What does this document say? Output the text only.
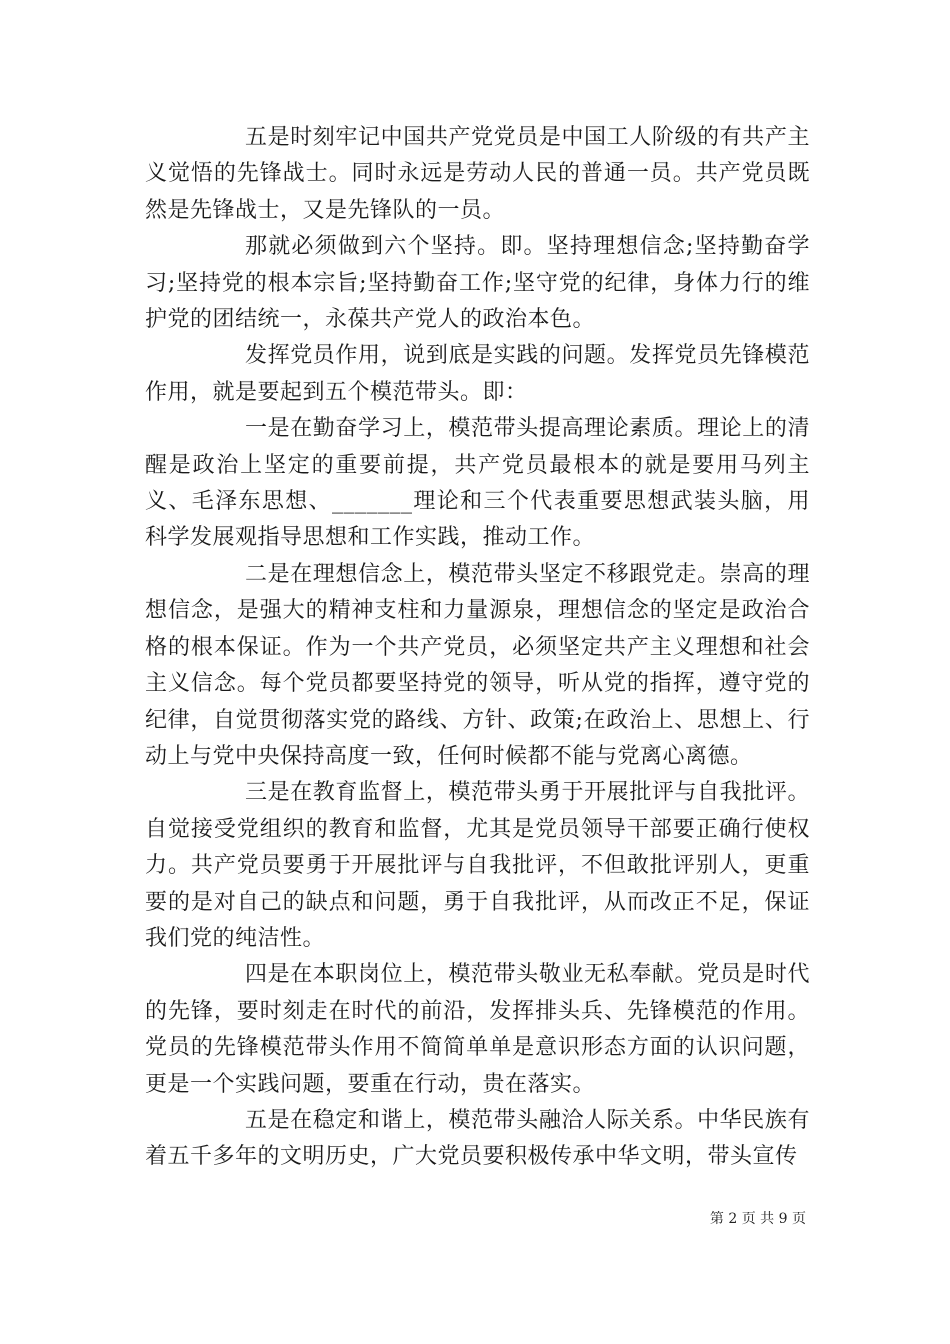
五是时刻牢记中国共产党党员是中国工人阶级的有共产主义觉悟的先锋战士。同时永远是劳动人民的普通一员。共产党员既然是先锋战士，又是先锋队的一员。

那就必须做到六个坚持。即。坚持理想信念;坚持勤奋学习;坚持党的根本宗旨;坚持勤奋工作;坚守党的纪律，身体力行的维护党的团结统一，永葆共产党人的政治本色。

发挥党员作用，说到底是实践的问题。发挥党员先锋模范作用，就是要起到五个模范带头。即：

一是在勤奋学习上，模范带头提高理论素质。理论上的清醒是政治上坚定的重要前提，共产党员最根本的就是要用马列主义、毛泽东思想、_______理论和三个代表重要思想武装头脑，用科学发展观指导思想和工作实践，推动工作。

二是在理想信念上，模范带头坚定不移跟党走。崇高的理想信念，是强大的精神支柱和力量源泉，理想信念的坚定是政治合格的根本保证。作为一个共产党员，必须坚定共产主义理想和社会主义信念。每个党员都要坚持党的领导，听从党的指挥，遵守党的纪律，自觉贯彻落实党的路线、方针、政策;在政治上、思想上、行动上与党中央保持高度一致，任何时候都不能与党离心离德。

三是在教育监督上，模范带头勇于开展批评与自我批评。自觉接受党组织的教育和监督，尤其是党员领导干部要正确行使权力。共产党员要勇于开展批评与自我批评，不但敢批评别人，更重要的是对自己的缺点和问题，勇于自我批评，从而改正不足，保证我们党的纯洁性。

四是在本职岗位上，模范带头敬业无私奉献。党员是时代的先锋，要时刻走在时代的前沿，发挥排头兵、先锋模范的作用。党员的先锋模范带头作用不简简单单是意识形态方面的认识问题，更是一个实践问题，要重在行动，贵在落实。

五是在稳定和谐上，模范带头融洽人际关系。中华民族有着五千多年的文明历史，广大党员要积极传承中华文明，带头宣传

第 2 页 共 9 页
